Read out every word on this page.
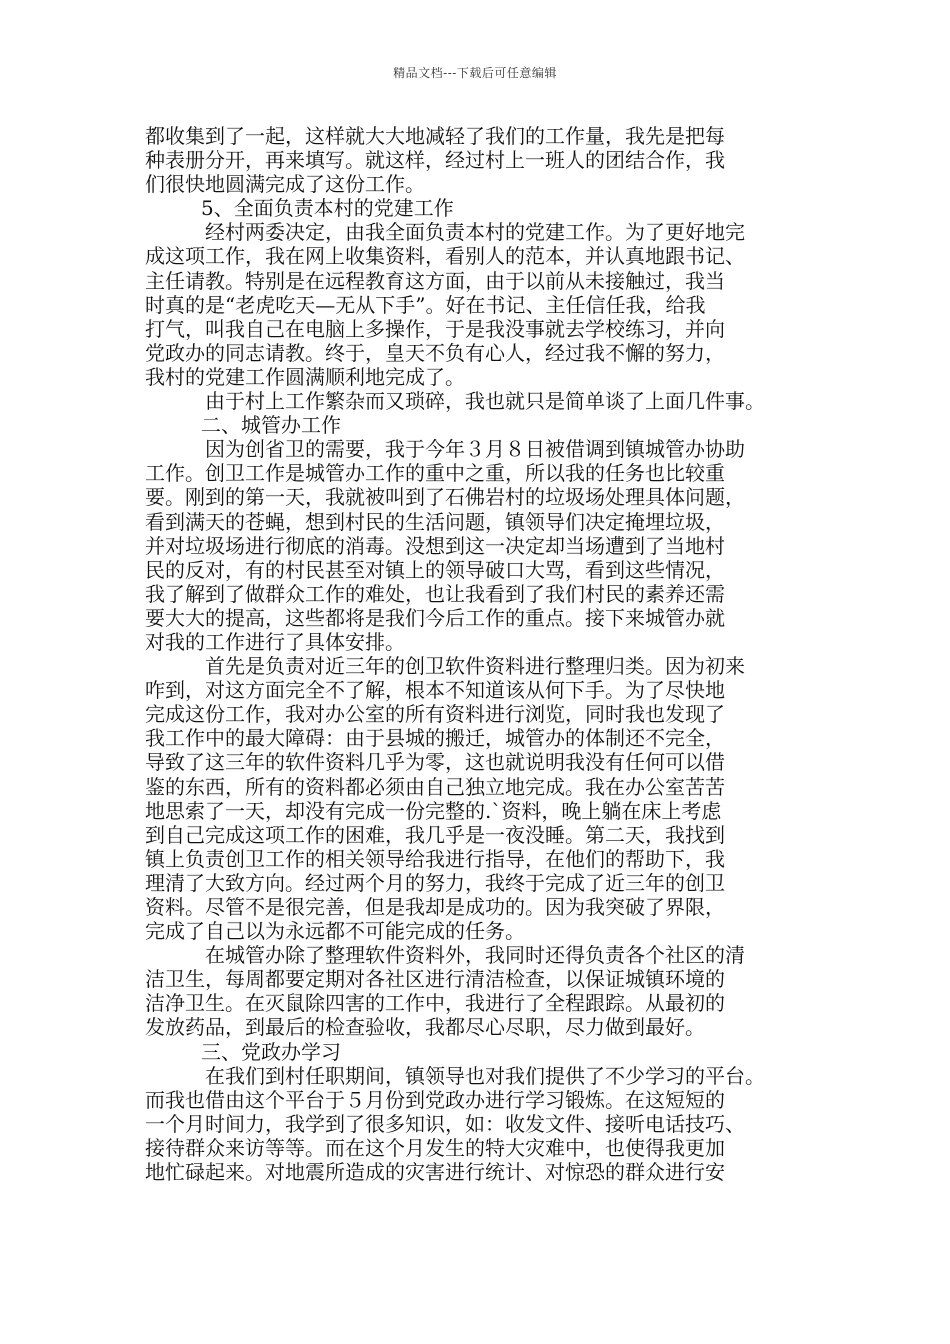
精品文档---下载后可任意编辑
都收集到了一起，这样就大大地减轻了我们的工作量，我先是把每
种表册分开，再来填写。就这样，经过村上一班人的团结合作，我
们很快地圆满完成了这份工作。
5、全面负责本村的党建工作
　　　经村两委决定，由我全面负责本村的党建工作。为了更好地完
成这项工作，我在网上收集资料，看别人的范本，并认真地跟书记、
主任请教。特别是在远程教育这方面，由于以前从未接触过，我当
时真的是“老虎吃天—无从下手”。好在书记、主任信任我，给我
打气，叫我自己在电脑上多操作，于是我没事就去学校练习，并向
党政办的同志请教。终于，皇天不负有心人，经过我不懈的努力，
我村的党建工作圆满顺利地完成了。
　　　由于村上工作繁杂而又琐碎，我也就只是简单谈了上面几件事。
二、城管办工作
　　　因为创省卫的需要，我于今年３月８日被借调到镇城管办协助
工作。创卫工作是城管办工作的重中之重，所以我的任务也比较重
要。刚到的第一天，我就被叫到了石佛岩村的垃圾场处理具体问题，
看到满天的苍蝇，想到村民的生活问题，镇领导们决定掩埋垃圾，
并对垃圾场进行彻底的消毒。没想到这一决定却当场遭到了当地村
民的反对，有的村民甚至对镇上的领导破口大骂，看到这些情况，
我了解到了做群众工作的难处，也让我看到了我们村民的素养还需
要大大的提高，这些都将是我们今后工作的重点。接下来城管办就
对我的工作进行了具体安排。
　　　首先是负责对近三年的创卫软件资料进行整理归类。因为初来
咋到，对这方面完全不了解，根本不知道该从何下手。为了尽快地
完成这份工作，我对办公室的所有资料进行浏览，同时我也发现了
我工作中的最大障碍：由于县城的搬迁，城管办的体制还不完全，
导致了这三年的软件资料几乎为零，这也就说明我没有任何可以借
鉴的东西，所有的资料都必须由自己独立地完成。我在办公室苦苦
地思索了一天，却没有完成一份完整的.`资料，晚上躺在床上考虑
到自己完成这项工作的困难，我几乎是一夜没睡。第二天，我找到
镇上负责创卫工作的相关领导给我进行指导，在他们的帮助下，我
理清了大致方向。经过两个月的努力，我终于完成了近三年的创卫
资料。尽管不是很完善，但是我却是成功的。因为我突破了界限，
完成了自己以为永远都不可能完成的任务。
　　　在城管办除了整理软件资料外，我同时还得负责各个社区的清
洁卫生，每周都要定期对各社区进行清洁检查，以保证城镇环境的
洁净卫生。在灭鼠除四害的工作中，我进行了全程跟踪。从最初的
发放药品，到最后的检查验收，我都尽心尽职，尽力做到最好。
三、党政办学习
　　　在我们到村任职期间，镇领导也对我们提供了不少学习的平台。
而我也借由这个平台于５月份到党政办进行学习锻炼。在这短短的
一个月时间力，我学到了很多知识，如：收发文件、接听电话技巧、
接待群众来访等等。而在这个月发生的特大灾难中，也使得我更加
地忙碌起来。对地震所造成的灾害进行统计、对惊恐的群众进行安
